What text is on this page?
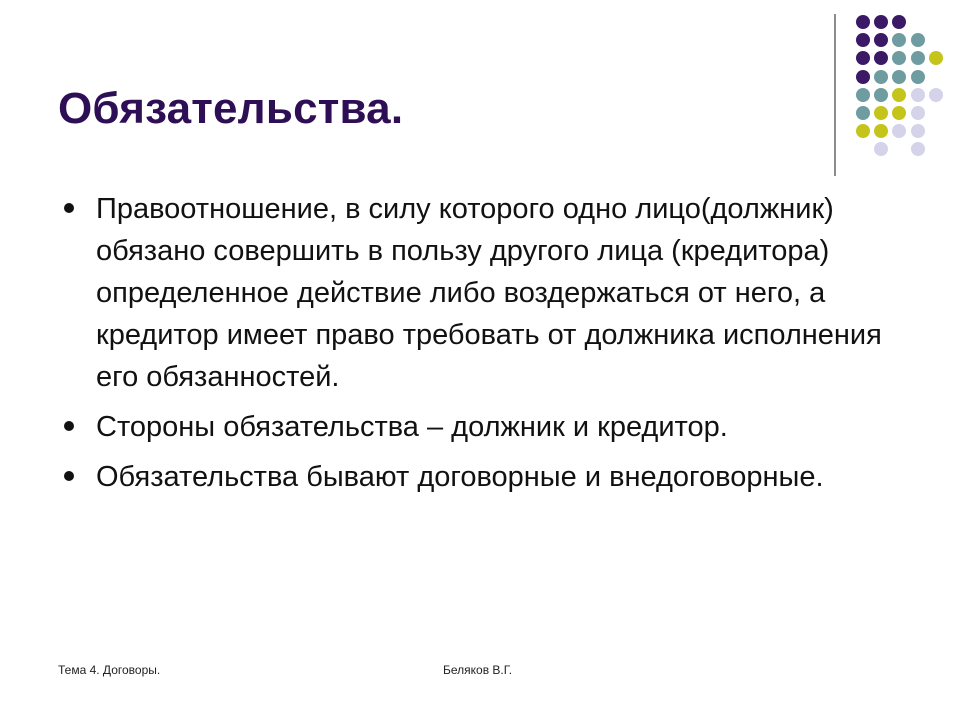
Обязательства.
Правоотношение, в силу которого одно лицо(должник) обязано совершить в пользу другого лица (кредитора) определенное действие либо воздержаться от него, а кредитор имеет право требовать от должника исполнения его обязанностей.
Стороны обязательства – должник и кредитор.
Обязательства бывают договорные и внедоговорные.
Тема 4. Договоры.	Беляков В.Г.
